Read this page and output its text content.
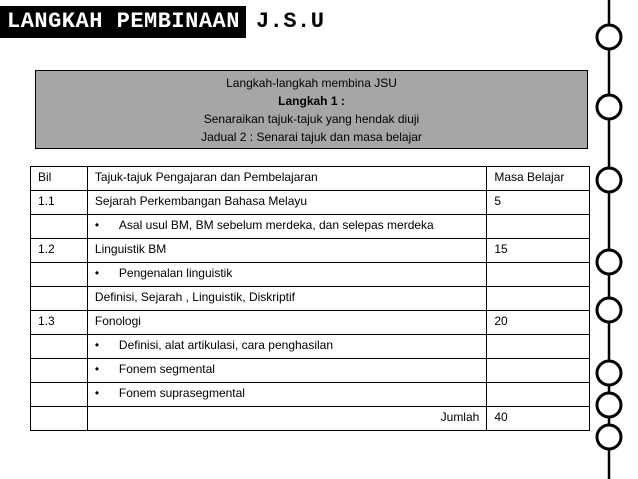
LANGKAH PEMBINAAN J.S.U
Langkah-langkah membina JSU
Langkah 1 :
Senaraikan tajuk-tajuk yang hendak diuji
Jadual 2 : Senarai tajuk dan masa belajar
Bil	Tajuk-tajuk Pengajaran dan Pembelajaran	Masa Belajar
1.1	Sejarah Perkembangan Bahasa Melayu	5
	• Asal usul BM, BM sebelum merdeka, dan selepas merdeka	
1.2	Linguistik BM	15
	• Pengenalan linguistik	
	Definisi, Sejarah , Linguistik, Diskriptif	
1.3	Fonologi	20
	• Definisi, alat artikulasi, cara penghasilan	
	• Fonem segmental	
	• Fonem suprasegmental	
	Jumlah	40
